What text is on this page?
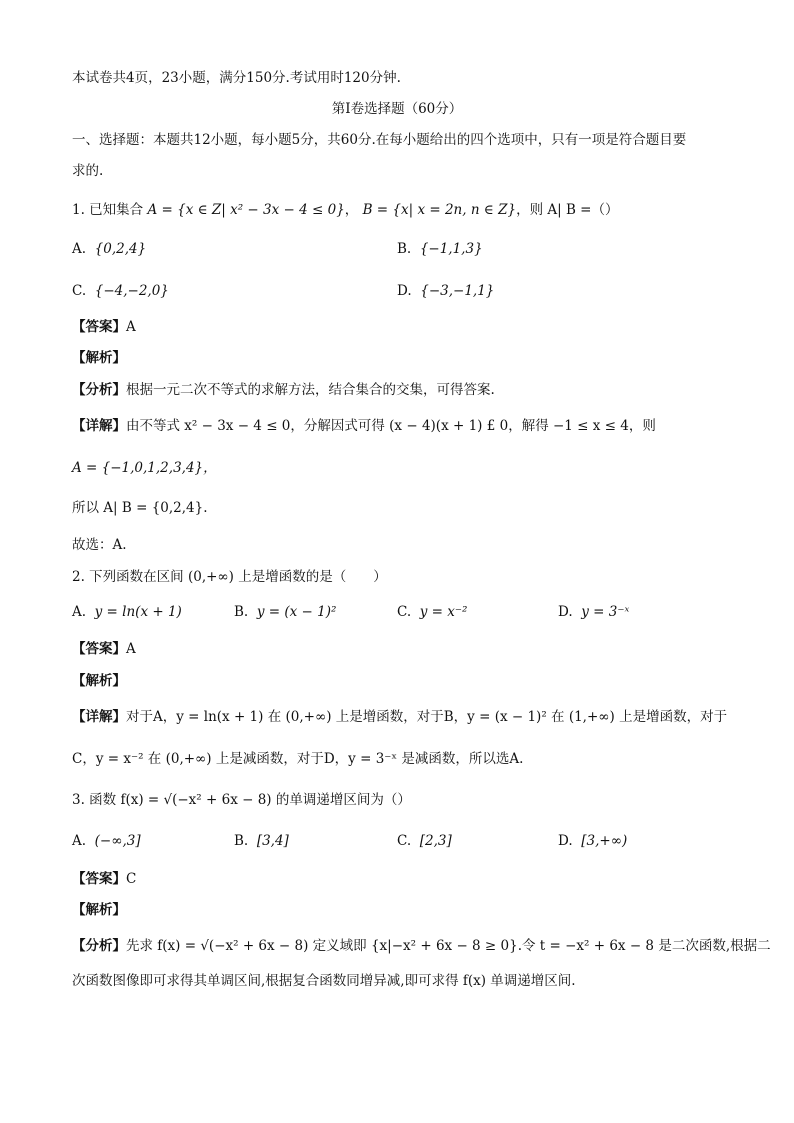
本试卷共4页，23小题，满分150分.考试用时120分钟.
第I卷选择题（60分）
一、选择题：本题共12小题，每小题5分，共60分.在每小题给出的四个选项中，只有一项是符合题目要
求的.
1. 已知集合 A = {x ∈ Z| x² − 3x − 4 ≤ 0}， B = {x| x = 2n, n ∈ Z}，则 A| B =（）
A. {0,2,4}	B. {−1,1,3}
C. {−4,−2,0}	D. {−3,−1,1}
【答案】A
【解析】
【分析】根据一元二次不等式的求解方法，结合集合的交集，可得答案.
【详解】由不等式 x² − 3x − 4 ≤ 0，分解因式可得 (x − 4)(x + 1) £ 0，解得 −1 ≤ x ≤ 4，则
A = {−1,0,1,2,3,4}，
所以 A| B = {0,2,4}.
故选：A.
2. 下列函数在区间 (0,+∞) 上是增函数的是（　　）
A. y = ln(x + 1)	B. y = (x − 1)²	C. y = x⁻²	D. y = 3⁻ˣ
【答案】A
【解析】
【详解】对于A，y = ln(x + 1) 在 (0,+∞) 上是增函数，对于B，y = (x − 1)² 在 (1,+∞) 上是增函数，对于
C，y = x⁻² 在 (0,+∞) 上是减函数，对于D，y = 3⁻ˣ 是减函数，所以选A.
3. 函数 f(x) = √(−x² + 6x − 8) 的单调递增区间为（）
A. (−∞,3]	B. [3,4]	C. [2,3]	D. [3,+∞)
【答案】C
【解析】
【分析】先求 f(x) = √(−x² + 6x − 8) 定义域即 {x|−x² + 6x − 8 ≥ 0}.令 t = −x² + 6x − 8 是二次函数,根据二
次函数图像即可求得其单调区间,根据复合函数同增异减,即可求得 f(x) 单调递增区间.
